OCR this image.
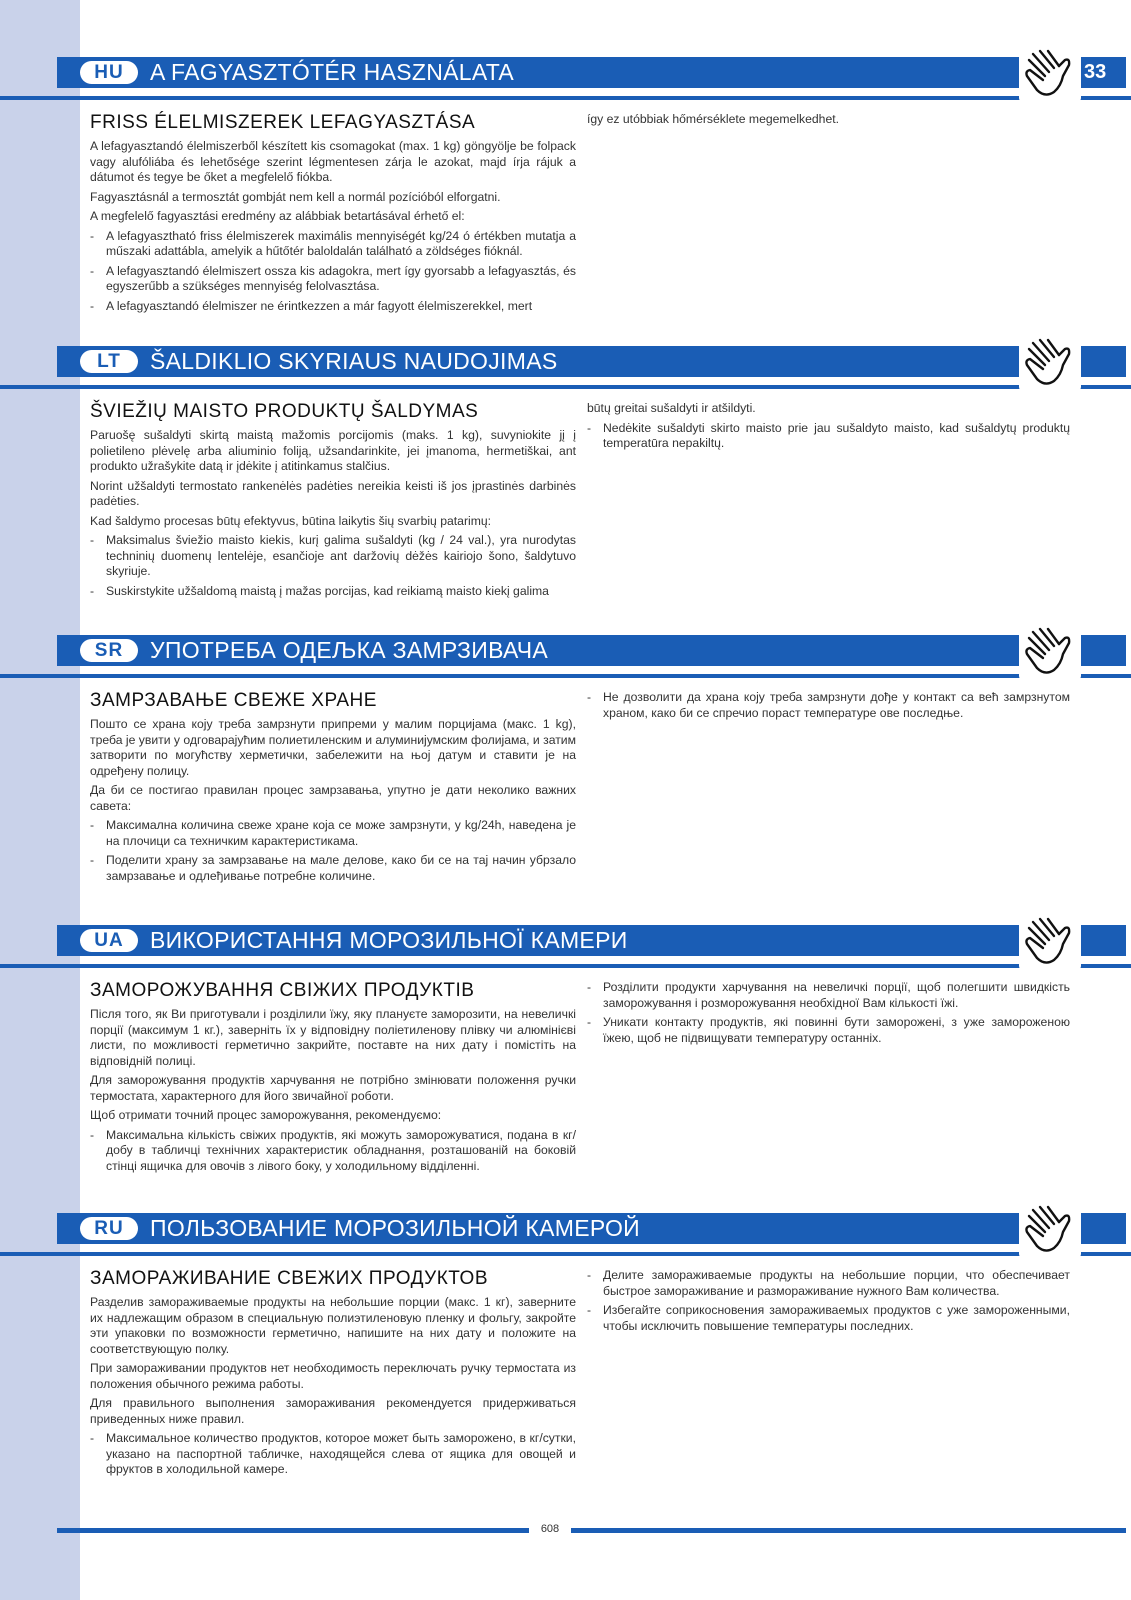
HU	A FAGYASZTÓTÉR HASZNÁLATA	33
FRISS ÉLELMISZEREK LEFAGYASZTÁSA

A lefagyasztandó élelmiszerből készített kis csomagokat (max. 1 kg) göngyölje be folpack vagy alufóliába és lehetősége szerint légmentesen zárja le azokat, majd írja rájuk a dátumot és tegye be őket a megfelelő fiókba.

Fagyasztásnál a termosztát gombját nem kell a normál pozícióból elforgatni.

A megfelelő fagyasztási eredmény az alábbiak betartásával érhető el:

- A lefagyasztható friss élelmiszerek maximális mennyiségét kg/24 ó értékben mutatja a műszaki adattábla, amelyik a hűtőtér baloldalán található a zöldséges fióknál.
- A lefagyasztandó élelmiszert ossza kis adagokra, mert így gyorsabb a lefagyasztás, és egyszerűbb a szükséges mennyiség felolvasztása.
- A lefagyasztandó élelmiszer ne érintkezzen a már fagyott élelmiszerekkel, mert

így ez utóbbiak hőmérséklete megemelkedhet.

LT	ŠALDIKLIO SKYRIAUS NAUDOJIMAS
ŠVIEŽIŲ MAISTO PRODUKTŲ ŠALDYMAS

Paruošę sušaldyti skirtą maistą mažomis porcijomis (maks. 1 kg), suvyniokite jį į polietileno plėvelę arba aliuminio foliją, užsandarinkite, jei įmanoma, hermetiškai, ant produkto užrašykite datą ir įdėkite į atitinkamus stalčius.

Norint užšaldyti termostato rankenėlės padėties nereikia keisti iš jos įprastinės darbinės padėties.

Kad šaldymo procesas būtų efektyvus, būtina laikytis šių svarbių patarimų:

- Maksimalus šviežio maisto kiekis, kurį galima sušaldyti (kg / 24 val.), yra nurodytas techninių duomenų lentelėje, esančioje ant daržovių dėžės kairiojo šono, šaldytuvo skyriuje.
- Suskirstykite užšaldomą maistą į mažas porcijas, kad reikiamą maisto kiekį galima

būtų greitai sušaldyti ir atšildyti.

- Nedėkite sušaldyti skirto maisto prie jau sušaldyto maisto, kad sušaldytų produktų temperatūra nepakiltų.
SR	УПОТРЕБА ОДЕЉКА ЗАМРЗИВАЧА
ЗАМРЗАВАЊЕ СВЕЖЕ ХРАНЕ

Пошто се храна коју треба замрзнути припреми у малим порцијама (макс. 1 kg), треба је увити у одговарајућим полиетиленским и алуминијумским фолијама, и затим затворити по могућству херметички, забележити на њој датум и ставити је на одређену полицу.

Да би се постигао правилан процес замрзавања, упутно је дати неколико важних савета:

- Максимална количина свеже хране која се може замрзнути, у kg/24h, наведена је на плочици са техничким карактеристикама.
- Поделити храну за замрзавање на мале делове, како би се на тај начин убрзало замрзавање и одлеђивање потребне количине.
- Не дозволити да храна коју треба замрзнути дође у контакт са већ замрзнутом храном, како би се спречио пораст температуре ове последње.
UA	ВИКОРИСТАННЯ МОРОЗИЛЬНОЇ КАМЕРИ
ЗАМОРОЖУВАННЯ СВІЖИХ ПРОДУКТІВ

Після того, як Ви приготували і розділили їжу, яку плануєте заморозити, на невеличкі порції (максимум 1 кг.), заверніть їх у відповідну поліетиленову плівку чи алюмінієві листи, по можливості герметично закрийте, поставте на них дату і помістіть на відповідній полиці.

Для заморожування продуктів харчування не потрібно змінювати положення ручки термостата, характерного для його звичайної роботи.

Щоб отримати точний процес заморожування, рекомендуємо:

- Максимальна кількість свіжих продуктів, які можуть заморожуватися, подана в кг/добу в табличці технічних характеристик обладнання, розташованій на боковій стінці ящичка для овочів з лівого боку, у холодильному відділенні.
- Розділити продукти харчування на невеличкі порції, щоб полегшити швидкість заморожування і розморожування необхідної Вам кількості їжі.
- Уникати контакту продуктів, які повинні бути заморожені, з уже замороженою їжею, щоб не підвищувати температуру останніх.
RU	ПОЛЬЗОВАНИЕ МОРОЗИЛЬНОЙ КАМЕРОЙ
ЗАМОРАЖИВАНИЕ СВЕЖИХ ПРОДУКТОВ

Разделив замораживаемые продукты на небольшие порции (макс. 1 кг), заверните их надлежащим образом в специальную полиэтиленовую пленку и фольгу, закройте эти упаковки по возможности герметично, напишите на них дату и положите на соответствующую полку.

При замораживании продуктов нет необходимость переключать ручку термостата из положения обычного режима работы.

Для правильного выполнения замораживания рекомендуется придерживаться приведенных ниже правил.

- Максимальное количество продуктов, которое может быть заморожено, в кг/сутки, указано на паспортной табличке, находящейся слева от ящика для овощей и фруктов в холодильной камере.
- Делите замораживаемые продукты на небольшие порции, что обеспечивает быстрое замораживание и размораживание нужного Вам количества.
- Избегайте соприкосновения замораживаемых продуктов с уже замороженными, чтобы исключить повышение температуры последних.
608
